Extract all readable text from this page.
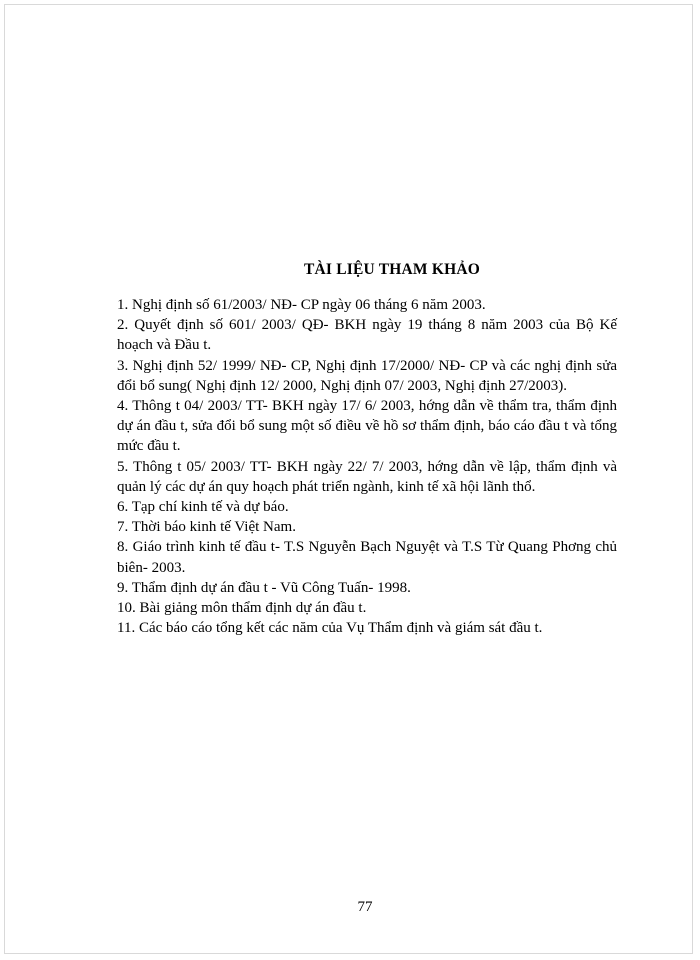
TÀI LIỆU THAM KHẢO
1. Nghị định số 61/2003/ NĐ- CP ngày 06 tháng 6 năm 2003.
2. Quyết định số 601/ 2003/ QĐ- BKH ngày 19 tháng 8 năm 2003 của Bộ Kế hoạch và Đầu t.
3. Nghị định 52/ 1999/ NĐ- CP, Nghị định 17/2000/ NĐ- CP và các nghị định sửa đổi bổ sung( Nghị định 12/ 2000, Nghị định 07/ 2003, Nghị định 27/2003).
4. Thông t 04/ 2003/ TT- BKH ngày 17/ 6/ 2003, hớng dẫn về thẩm tra, thẩm định dự án đầu t, sửa đổi bổ sung một số điều về hồ sơ thẩm định, báo cáo đầu t và tổng mức đầu t.
5. Thông t 05/ 2003/ TT- BKH ngày 22/ 7/ 2003, hớng dẫn về lập, thẩm định và quản lý các dự án quy hoạch phát triển ngành, kinh tế xã hội lãnh thổ.
6. Tạp chí kinh tế và dự báo.
7. Thời báo kinh tế Việt Nam.
8. Giáo trình kinh tế đầu t- T.S Nguyễn Bạch Nguyệt và T.S Từ Quang Phơng chủ biên- 2003.
9. Thẩm định dự án đầu t - Vũ Công Tuấn- 1998.
10. Bài giảng môn thẩm định dự án đầu t.
11. Các báo cáo tổng kết các năm của Vụ Thẩm định và giám sát đầu t.
77
